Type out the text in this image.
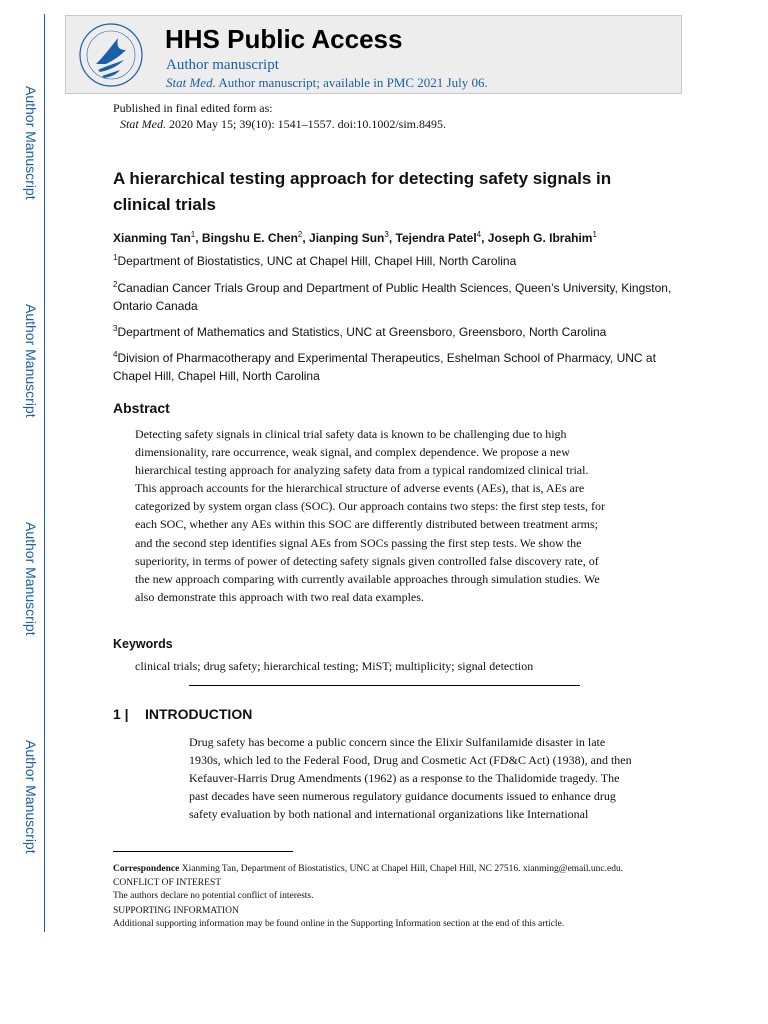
Author Manuscript
Author Manuscript
Author Manuscript
Author Manuscript
HHS Public Access
Author manuscript
Stat Med. Author manuscript; available in PMC 2021 July 06.
Published in final edited form as:
Stat Med. 2020 May 15; 39(10): 1541–1557. doi:10.1002/sim.8495.
A hierarchical testing approach for detecting safety signals in clinical trials
Xianming Tan$^1$, Bingshu E. Chen$^2$, Jianping Sun$^3$, Tejendra Patel$^4$, Joseph G. Ibrahim$^1$
$^1$Department of Biostatistics, UNC at Chapel Hill, Chapel Hill, North Carolina
$^2$Canadian Cancer Trials Group and Department of Public Health Sciences, Queen’s University, Kingston, Ontario Canada
$^3$Department of Mathematics and Statistics, UNC at Greensboro, Greensboro, North Carolina
$^4$Division of Pharmacotherapy and Experimental Therapeutics, Eshelman School of Pharmacy, UNC at Chapel Hill, Chapel Hill, North Carolina
Abstract
Detecting safety signals in clinical trial safety data is known to be challenging due to high
dimensionality, rare occurrence, weak signal, and complex dependence. We propose a new
hierarchical testing approach for analyzing safety data from a typical randomized clinical trial.
This approach accounts for the hierarchical structure of adverse events (AEs), that is, AEs are
categorized by system organ class (SOC). Our approach contains two steps: the first step tests, for
each SOC, whether any AEs within this SOC are differently distributed between treatment arms;
and the second step identifies signal AEs from SOCs passing the first step tests. We show the
superiority, in terms of power of detecting safety signals given controlled false discovery rate, of
the new approach comparing with currently available approaches through simulation studies. We
also demonstrate this approach with two real data examples.
Keywords
clinical trials; drug safety; hierarchical testing; MiST; multiplicity; signal detection
1 | INTRODUCTION
Drug safety has become a public concern since the Elixir Sulfanilamide disaster in late
1930s, which led to the Federal Food, Drug and Cosmetic Act (FD&C Act) (1938), and then
Kefauver-Harris Drug Amendments (1962) as a response to the Thalidomide tragedy. The
past decades have seen numerous regulatory guidance documents issued to enhance drug
safety evaluation by both national and international organizations like International
Correspondence Xianming Tan, Department of Biostatistics, UNC at Chapel Hill, Chapel Hill, NC 27516. xianming@email.unc.edu.
CONFLICT OF INTEREST
The authors declare no potential conflict of interests.
SUPPORTING INFORMATION
Additional supporting information may be found online in the Supporting Information section at the end of this article.
